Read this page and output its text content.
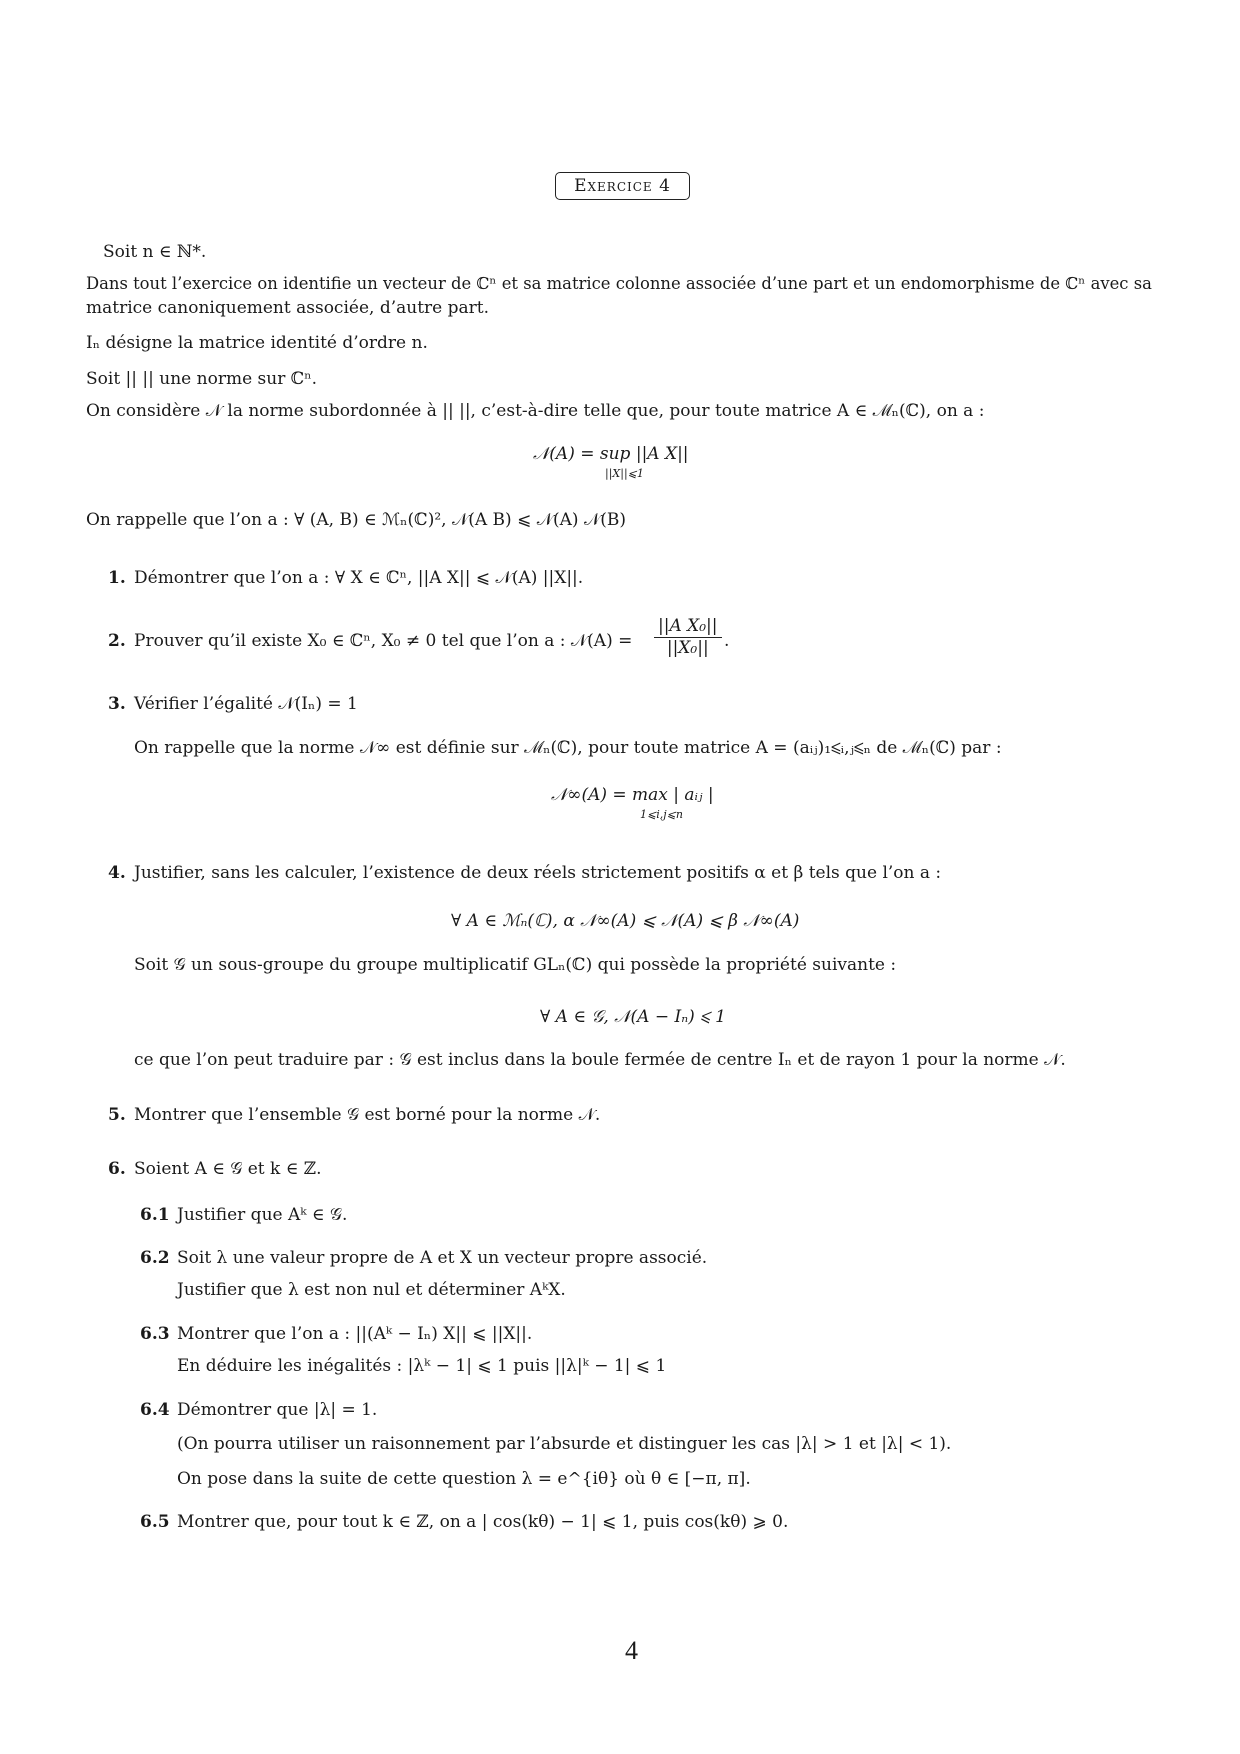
Exercice 4
Soit n ∈ ℕ*.
Dans tout l’exercice on identifie un vecteur de ℂⁿ et sa matrice colonne associée d’une part et un endomorphisme de ℂⁿ avec sa
matrice canoniquement associée, d’autre part.
Iₙ désigne la matrice identité d’ordre n.
Soit || || une norme sur ℂⁿ.
On considère 𝒩 la norme subordonnée à || ||, c’est-à-dire telle que, pour toute matrice A ∈ ℳₙ(ℂ), on a :
𝒩(A) = sup ||A X||
||X||⩽1
On rappelle que l’on a : ∀ (A, B) ∈ ℳₙ(ℂ)², 𝒩(A B) ⩽ 𝒩(A) 𝒩(B)
1. Démontrer que l’on a : ∀ X ∈ ℂⁿ, ||A X|| ⩽ 𝒩(A) ||X||.
2. Prouver qu’il existe X₀ ∈ ℂⁿ, X₀ ≠ 0 tel que l’on a : 𝒩(A) = $\frac{\text{||A X₀||}}{\text{||X₀||}}$ .
3. Vérifier l’égalité 𝒩(Iₙ) = 1
On rappelle que la norme 𝒩∞ est définie sur ℳₙ(ℂ), pour toute matrice A = (aᵢⱼ)₁⩽ᵢ,ⱼ⩽ₙ de ℳₙ(ℂ) par :
𝒩∞(A) = max | aᵢⱼ |
1⩽i,j⩽n
4. Justifier, sans les calculer, l’existence de deux réels strictement positifs α et β tels que l’on a :
∀ A ∈ ℳₙ(ℂ), α 𝒩∞(A) ⩽ 𝒩(A) ⩽ β 𝒩∞(A)
Soit 𝒢 un sous-groupe du groupe multiplicatif GLₙ(ℂ) qui possède la propriété suivante :
∀ A ∈ 𝒢, 𝒩(A − Iₙ) ⩽ 1
ce que l’on peut traduire par : 𝒢 est inclus dans la boule fermée de centre Iₙ et de rayon 1 pour la norme 𝒩.
5. Montrer que l’ensemble 𝒢 est borné pour la norme 𝒩.
6. Soient A ∈ 𝒢 et k ∈ ℤ.
6.1 Justifier que Aᵏ ∈ 𝒢.
6.2 Soit λ une valeur propre de A et X un vecteur propre associé.
Justifier que λ est non nul et déterminer AᵏX.
6.3 Montrer que l’on a : ||(Aᵏ − Iₙ) X|| ⩽ ||X||.
En déduire les inégalités : |λᵏ − 1| ⩽ 1 puis ||λ|ᵏ − 1| ⩽ 1
6.4 Démontrer que |λ| = 1.
(On pourra utiliser un raisonnement par l’absurde et distinguer les cas |λ| > 1 et |λ| < 1).
On pose dans la suite de cette question λ = e^{iθ} où θ ∈ [−π, π].
6.5 Montrer que, pour tout k ∈ ℤ, on a | cos(kθ) − 1| ⩽ 1, puis cos(kθ) ⩾ 0.
4
